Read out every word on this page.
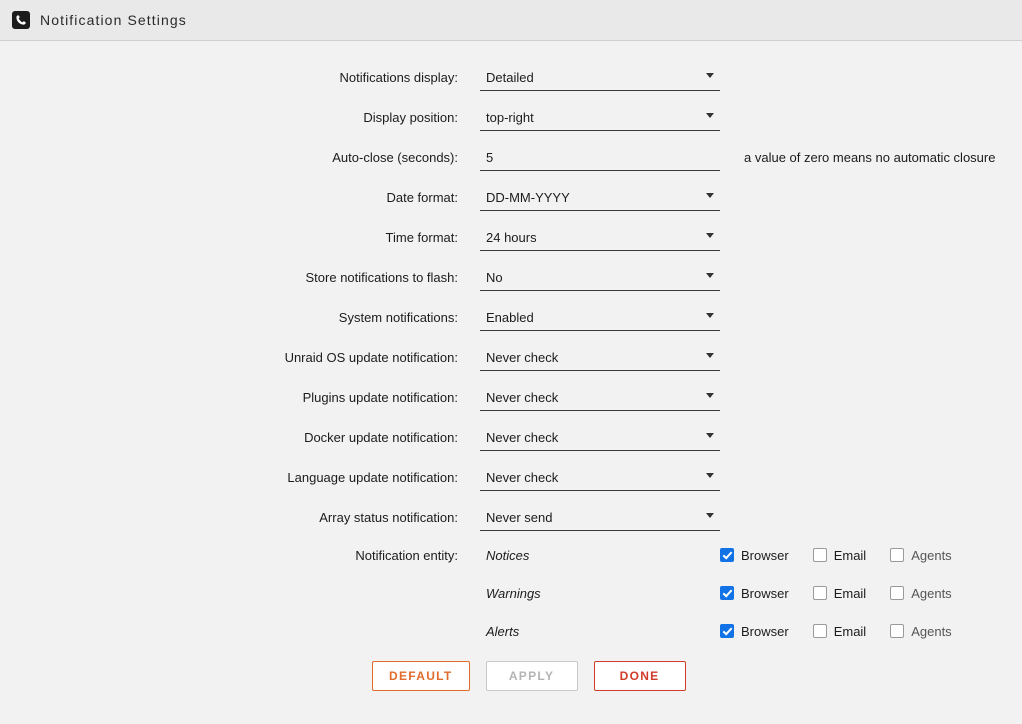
Notification Settings
Notifications display:	Detailed
Display position:	top-right
Auto-close (seconds):	5	a value of zero means no automatic closure
Date format:	DD-MM-YYYY
Time format:	24 hours
Store notifications to flash:	No
System notifications:	Enabled
Unraid OS update notification:	Never check
Plugins update notification:	Never check
Docker update notification:	Never check
Language update notification:	Never check
Array status notification:	Never send
Notification entity:	Notices	Browser	Email	Agents
Warnings	Browser	Email	Agents
Alerts	Browser	Email	Agents
DEFAULT	APPLY	DONE
